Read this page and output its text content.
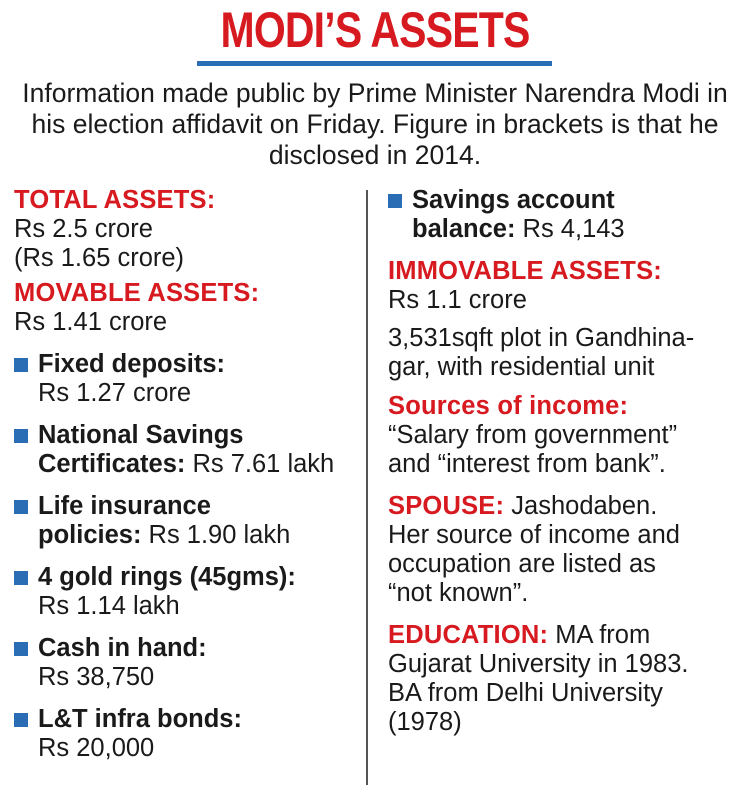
MODI’S ASSETS
Information made public by Prime Minister Narendra Modi in his election affidavit on Friday. Figure in brackets is that he disclosed in 2014.
TOTAL ASSETS:
Rs 2.5 crore
(Rs 1.65 crore)
MOVABLE ASSETS:
Rs 1.41 crore
Fixed deposits:
Rs 1.27 crore
National Savings
Certificates: Rs 7.61 lakh
Life insurance
policies: Rs 1.90 lakh
4 gold rings (45gms):
Rs 1.14 lakh
Cash in hand:
Rs 38,750
L&T infra bonds:
Rs 20,000
Savings account
balance: Rs 4,143
IMMOVABLE ASSETS:
Rs 1.1 crore
3,531sqft plot in Gandhina-
gar, with residential unit
Sources of income:
“Salary from government”
and “interest from bank”.
SPOUSE: Jashodaben.
Her source of income and
occupation are listed as
“not known”.
EDUCATION: MA from
Gujarat University in 1983.
BA from Delhi University
(1978)
